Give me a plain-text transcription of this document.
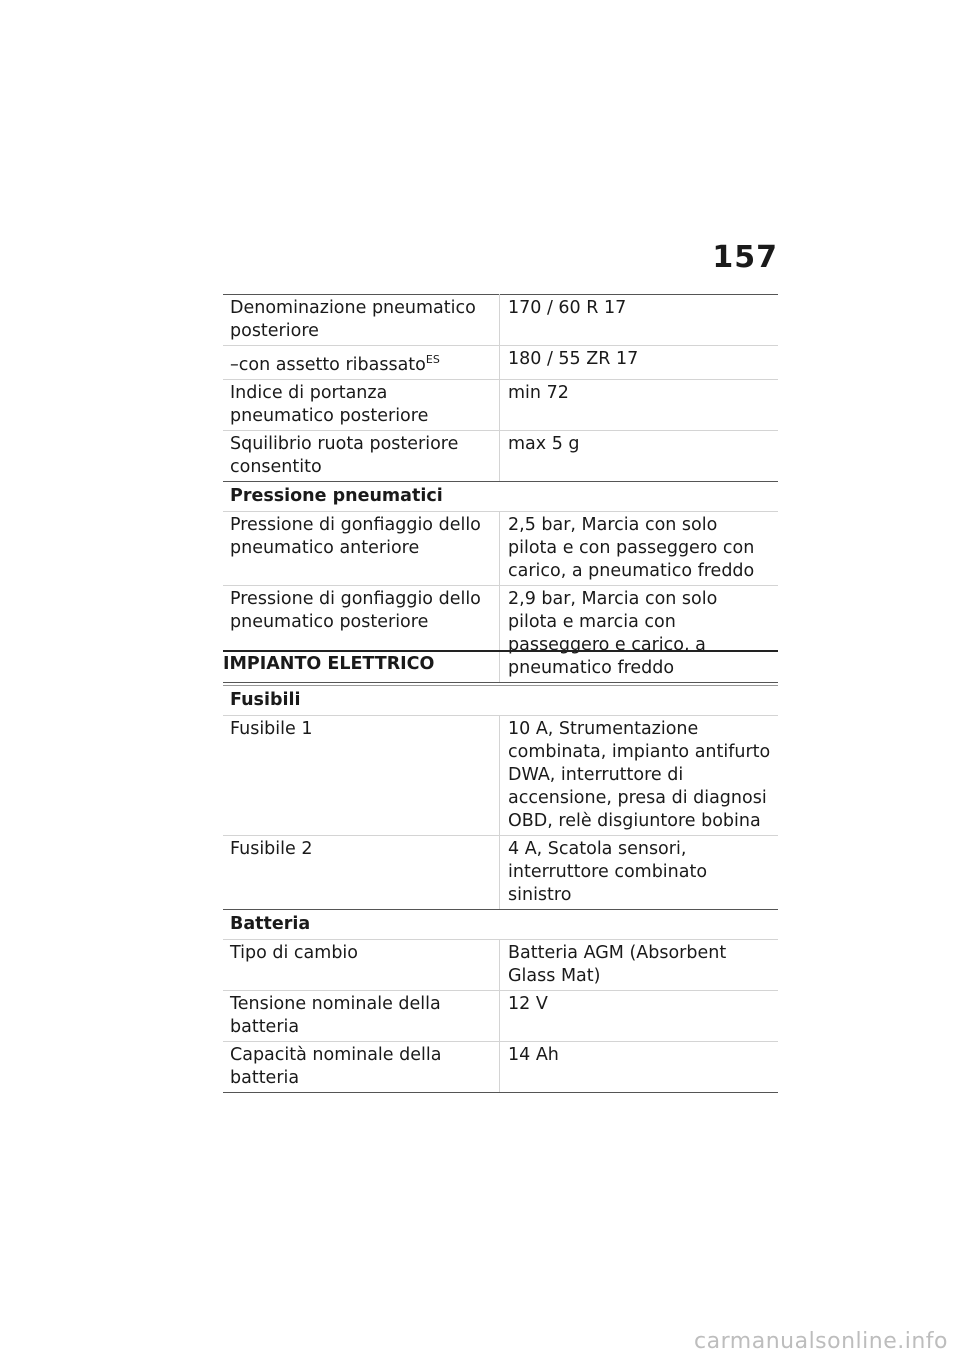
157
Denominazione pneumatico posteriore	170 / 60 R 17
–con assetto ribassato$^{ES}$	180 / 55 ZR 17
Indice di portanza pneumatico posteriore	min 72
Squilibrio ruota posteriore consentito	max 5 g
Pressione pneumatici	
Pressione di gonfiaggio dello pneumatico anteriore	2,5 bar, Marcia con solo pilota e con passeggero con carico, a pneumatico freddo
Pressione di gonfiaggio dello pneumatico posteriore	2,9 bar, Marcia con solo pilota e marcia con passeggero e carico, a pneumatico freddo
IMPIANTO ELETTRICO
Fusibili	
Fusibile 1	10 A, Strumentazione combinata, impianto antifurto DWA, interruttore di accensione, presa di diagnosi OBD, relè disgiuntore bobina
Fusibile 2	4 A, Scatola sensori, interruttore combinato sinistro
Batteria	
Tipo di cambio	Batteria AGM (Absorbent Glass Mat)
Tensione nominale della batteria	12 V
Capacità nominale della batteria	14 Ah
carmanualsonline.info
